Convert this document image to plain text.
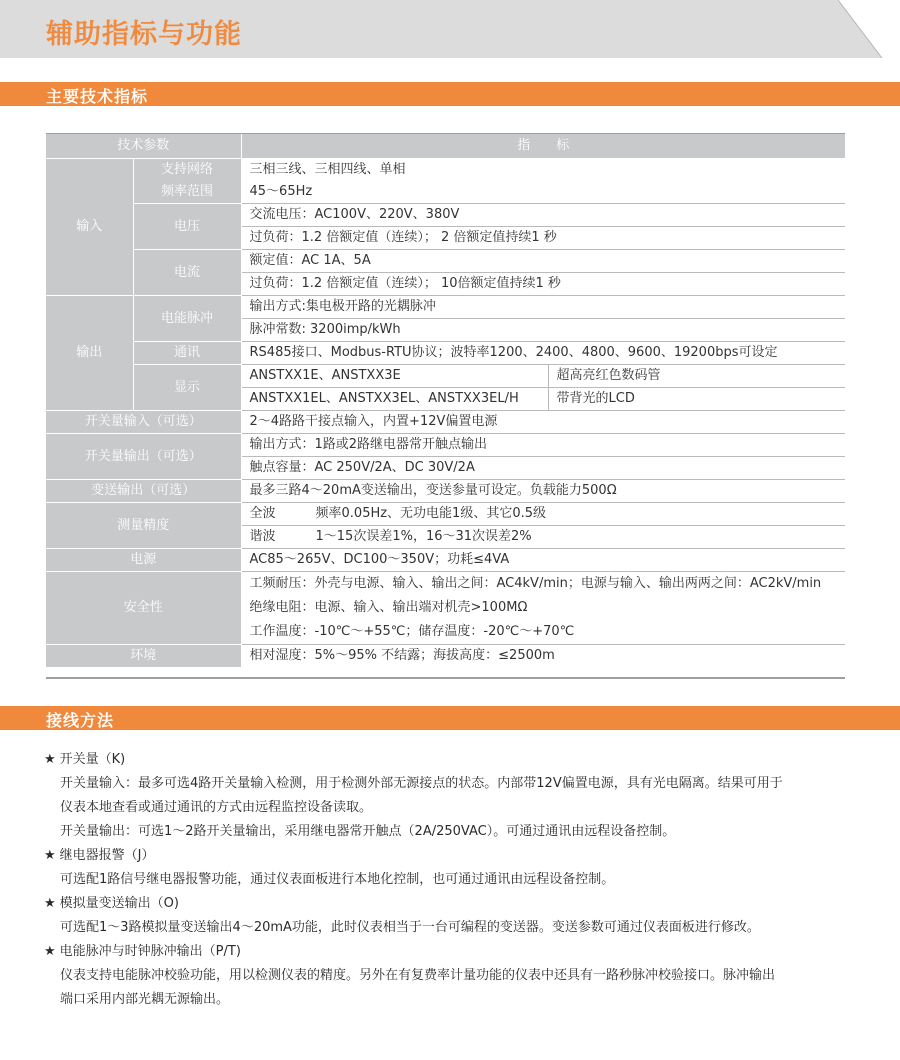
辅助指标与功能
主要技术指标
技术参数		指　　标	
输入	支持网络	三相三线、三相四线、单相	
	频率范围	45～65Hz	
	电压	交流电压：AC100V、220V、380V	
		过负荷：1.2 倍额定值（连续）； 2 倍额定值持续1 秒	
	电流	额定值：AC 1A、5A	
		过负荷：1.2 倍额定值（连续）； 10倍额定值持续1 秒	
输出	电能脉冲	输出方式:集电极开路的光耦脉冲	
		脉冲常数: 3200imp/kWh	
	通讯	RS485接口、Modbus-RTU协议；波特率1200、2400、4800、9600、19200bps可设定	
	显示	ANSTXX1E、ANSTXX3E	超高亮红色数码管
		ANSTXX1EL、ANSTXX3EL、ANSTXX3EL/H	带背光的LCD
开关量输入（可选）		2～4路路干接点输入，内置+12V偏置电源	
开关量输出（可选）		输出方式：1路或2路继电器常开触点输出	
		触点容量：AC 250V/2A、DC 30V/2A	
变送输出（可选）		最多三路4～20mA变送输出，变送参量可设定。负载能力500Ω	
测量精度		全波 频率0.05Hz、无功电能1级、其它0.5级	
		谐波 1～15次误差1%，16～31次误差2%	
电源		AC85～265V、DC100～350V；功耗≤4VA	
安全性		工频耐压：外壳与电源、输入、输出之间：AC4kV/min；电源与输入、输出两两之间：AC2kV/min	
		绝缘电阻：电源、输入、输出端对机壳>100MΩ	
		工作温度：-10℃～+55℃；储存温度：-20℃～+70℃	
环境		相对湿度：5%～95% 不结露；海拔高度：≤2500m	
接线方法
★ 开关量（K)
开关量输入：最多可选4路开关量输入检测，用于检测外部无源接点的状态。内部带12V偏置电源，具有光电隔离。结果可用于
仪表本地查看或通过通讯的方式由远程监控设备读取。
开关量输出：可选1～2路开关量输出，采用继电器常开触点（2A/250VAC）。可通过通讯由远程设备控制。
★ 继电器报警（J）
可选配1路信号继电器报警功能，通过仪表面板进行本地化控制，也可通过通讯由远程设备控制。
★ 模拟量变送输出（O)
可选配1～3路模拟量变送输出4～20mA功能，此时仪表相当于一台可编程的变送器。变送参数可通过仪表面板进行修改。
★ 电能脉冲与时钟脉冲输出（P/T)
仪表支持电能脉冲校验功能，用以检测仪表的精度。另外在有复费率计量功能的仪表中还具有一路秒脉冲校验接口。脉冲输出
端口采用内部光耦无源输出。
